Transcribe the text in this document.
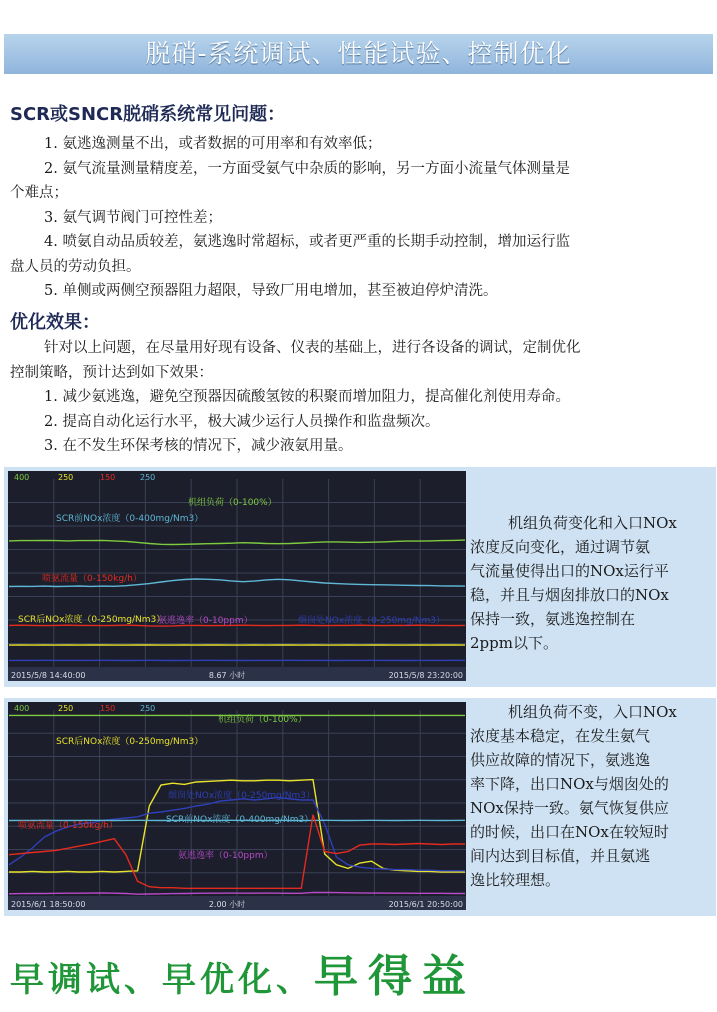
脱硝-系统调试、性能试验、控制优化
SCR或SNCR脱硝系统常见问题：

1. 氨逃逸测量不出，或者数据的可用率和有效率低；

2. 氨气流量测量精度差，一方面受氨气中杂质的影响，另一方面小流量气体测量是

个难点；

3. 氨气调节阀门可控性差；

4. 喷氨自动品质较差，氨逃逸时常超标，或者更严重的长期手动控制，增加运行监

盘人员的劳动负担。

5. 单侧或两侧空预器阻力超限，导致厂用电增加，甚至被迫停炉清洗。

优化效果：

针对以上问题，在尽量用好现有设备、仪表的基础上，进行各设备的调试，定制优化

控制策略，预计达到如下效果：

1. 减少氨逃逸，避免空预器因硫酸氢铵的积聚而增加阻力，提高催化剂使用寿命。

2. 提高自动化运行水平，极大减少运行人员操作和监盘频次。

3. 在不发生环保考核的情况下，减少液氨用量。

400	250	150	250
机组负荷（0-100%）
SCR前NOx浓度（0-400mg/Nm3）
喷氨流量（0-150kg/h）
SCR后NOx浓度（0-250mg/Nm3）	烟囱处NOx浓度（0-250mg/Nm3）
氨逃逸率（0-10ppm）
2015/5/8 14:40:00	2015/5/8 23:20:00
8.67 小时

机组负荷变化和入口NOx

浓度反向变化，通过调节氨
气流量使得出口的NOx运行平
稳，并且与烟囱排放口的NOx
保持一致，氨逃逸控制在
2ppm以下。
400	250	150	250
机组负荷（0-100%）
SCR后NOx浓度（0-250mg/Nm3）
烟囱处NOx浓度（0-250mg/Nm3）
SCR前NOx浓度（0-400mg/Nm3）
喷氨流量（0-150kg/h）
氨逃逸率（0-10ppm）
2015/6/1 18:50:00	2015/6/1 20:50:00
2.00 小时

机组负荷不变，入口NOx

浓度基本稳定，在发生氨气
供应故障的情况下，氨逃逸
率下降，出口NOx与烟囱处的
NOx保持一致。氨气恢复供应
的时候，出口在NOx在较短时
间内达到目标值，并且氨逃
逸比较理想。
早调试、早优化、早得益
